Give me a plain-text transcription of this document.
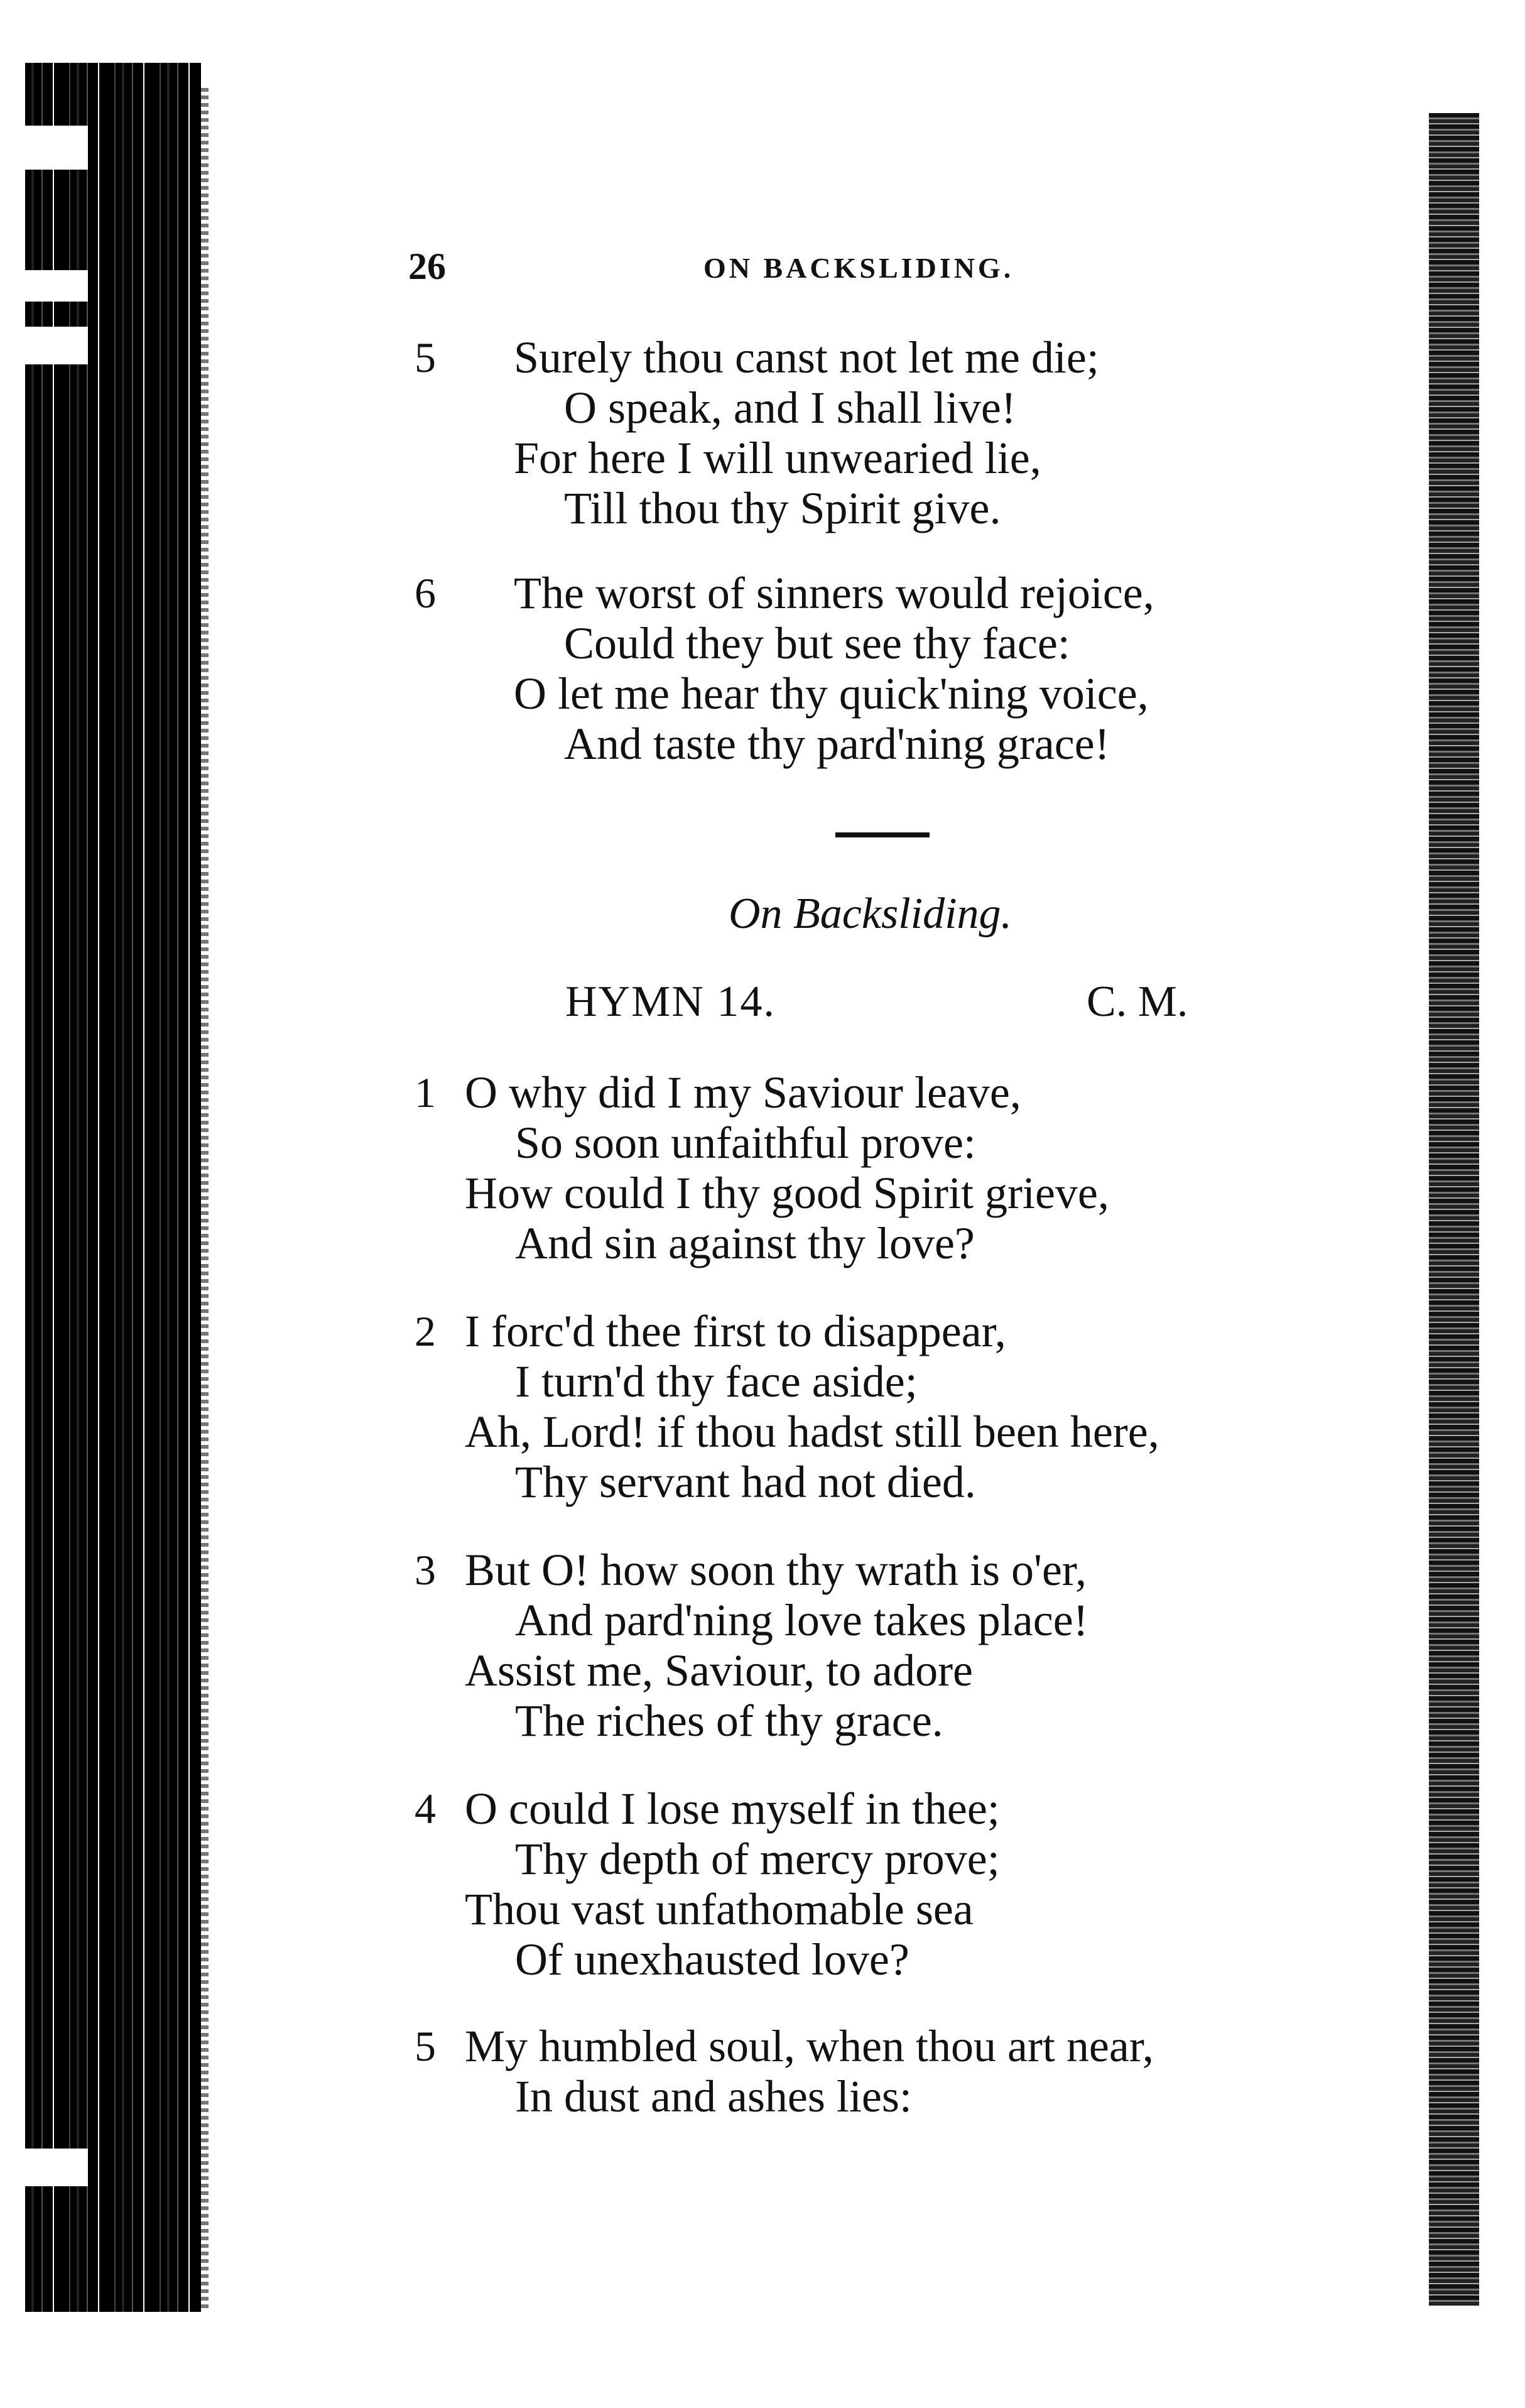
26	ON BACKSLIDING.
5 Surely thou canst not let me die;
O speak, and I shall live!
For here I will unwearied lie,
Till thou thy Spirit give.
6 The worst of sinners would rejoice,
Could they but see thy face:
O let me hear thy quick'ning voice,
And taste thy pard'ning grace!
On Backsliding.
HYMN 14.	C. M.
1 O why did I my Saviour leave,
So soon unfaithful prove:
How could I thy good Spirit grieve,
And sin against thy love?
2 I forc'd thee first to disappear,
I turn'd thy face aside;
Ah, Lord! if thou hadst still been here,
Thy servant had not died.
3 But O! how soon thy wrath is o'er,
And pard'ning love takes place!
Assist me, Saviour, to adore
The riches of thy grace.
4 O could I lose myself in thee;
Thy depth of mercy prove;
Thou vast unfathomable sea
Of unexhausted love?
5 My humbled soul, when thou art near,
In dust and ashes lies:
